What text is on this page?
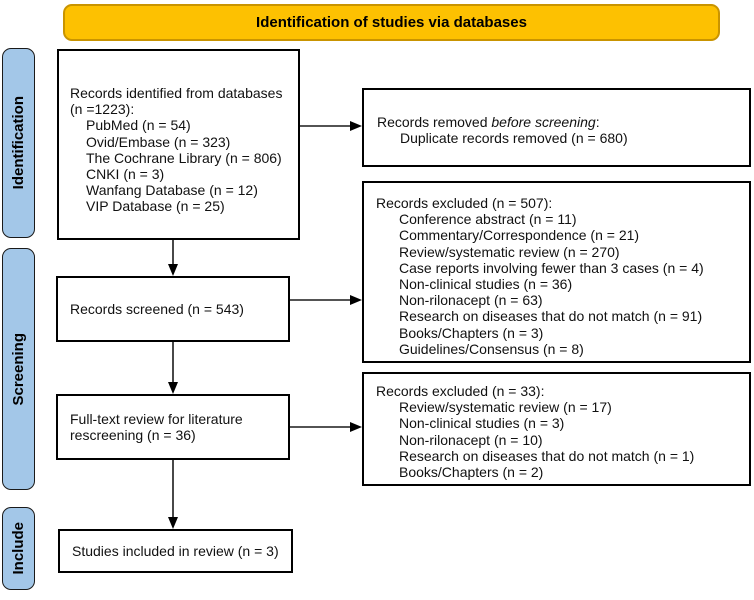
Identification of studies via databases
Identification
Screening
Include
Records identified from databases
(n =1223):
PubMed (n = 54)
Ovid/Embase (n = 323)
The Cochrane Library (n = 806)
CNKI (n = 3)
Wanfang Database (n = 12)
VIP Database (n = 25)
Records removed before screening:
Duplicate records removed (n = 680)
Records screened (n = 543)
Records excluded (n = 507):
Conference abstract (n = 11)
Commentary/Correspondence (n = 21)
Review/systematic review (n = 270)
Case reports involving fewer than 3 cases (n = 4)
Non-clinical studies (n = 36)
Non-rilonacept (n = 63)
Research on diseases that do not match (n = 91)
Books/Chapters (n = 3)
Guidelines/Consensus (n = 8)
Full-text review for literature
rescreening (n = 36)
Records excluded (n = 33):
Review/systematic review (n = 17)
Non-clinical studies (n = 3)
Non-rilonacept (n = 10)
Research on diseases that do not match (n = 1)
Books/Chapters (n = 2)
Studies included in review (n = 3)
